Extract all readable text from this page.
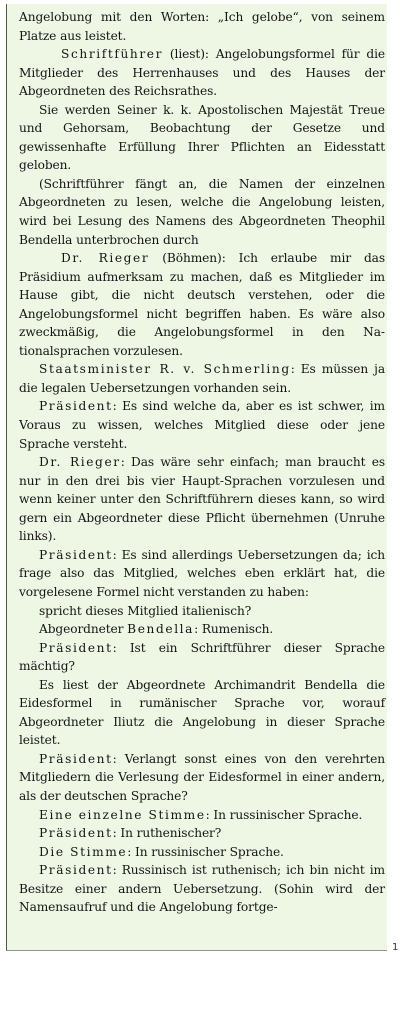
Angelobung mit den Worten: „Ich gelobe“, von seinem Platze aus leistet.

Schriftführer (liest): Angelobungsformel für die Mitglieder des Herrenhauses und des Hauses der Abgeordneten des Reichsrathes.

Sie werden Seiner k. k. Apostolischen Majestät Treue und Gehorsam, Beobachtung der Gesetze und gewissenhafte Erfüllung Ihrer Pflichten an Eidesstatt geloben.

(Schriftführer fängt an, die Namen der einzelnen Abgeordneten zu lesen, welche die Angelobung leisten, wird bei Lesung des Namens des Abgeordneten Theophil Bendella unterbrochen durch

Dr. Rieger (Böhmen): Ich erlaube mir das Präsidium aufmerksam zu machen, daß es Mitglieder im Hause gibt, die nicht deutsch verstehen, oder die Angelobungsformel nicht begriffen haben. Es wäre also zweckmäßig, die Angelobungsformel in den Nationalsprachen vorzulesen.

Staatsminister R. v. Schmerling: Es müssen ja die legalen Uebersetzungen vorhanden sein.

Präsident: Es sind welche da, aber es ist schwer, im Voraus zu wissen, welches Mitglied diese oder jene Sprache versteht.

Dr. Rieger: Das wäre sehr einfach; man braucht es nur in den drei bis vier Haupt-Sprachen vorzulesen und wenn keiner unter den Schriftführern dieses kann, so wird gern ein Abgeordneter diese Pflicht übernehmen (Unruhe links).

Präsident: Es sind allerdings Uebersetzungen da; ich frage also das Mitglied, welches eben erklärt hat, die vorgelesene Formel nicht verstanden zu haben:

spricht dieses Mitglied italienisch?

Abgeordneter Bendella: Rumenisch.

Präsident: Ist ein Schriftführer dieser Sprache mächtig?

Es liest der Abgeordnete Archimandrit Bendella die Eidesformel in rumänischer Sprache vor, worauf Abgeordneter Iliutz die Angelobung in dieser Sprache leistet.

Präsident: Verlangt sonst eines von den verehrten Mitgliedern die Verlesung der Eidesformel in einer andern, als der deutschen Sprache?

Eine einzelne Stimme: In russinischer Sprache.

Präsident: In ruthenischer?

Die Stimme: In russinischer Sprache.

Präsident: Russinisch ist ruthenisch; ich bin nicht im Besitze einer andern Uebersetzung. (Sohin wird der Namensaufruf und die Angelobung fortge-

1
